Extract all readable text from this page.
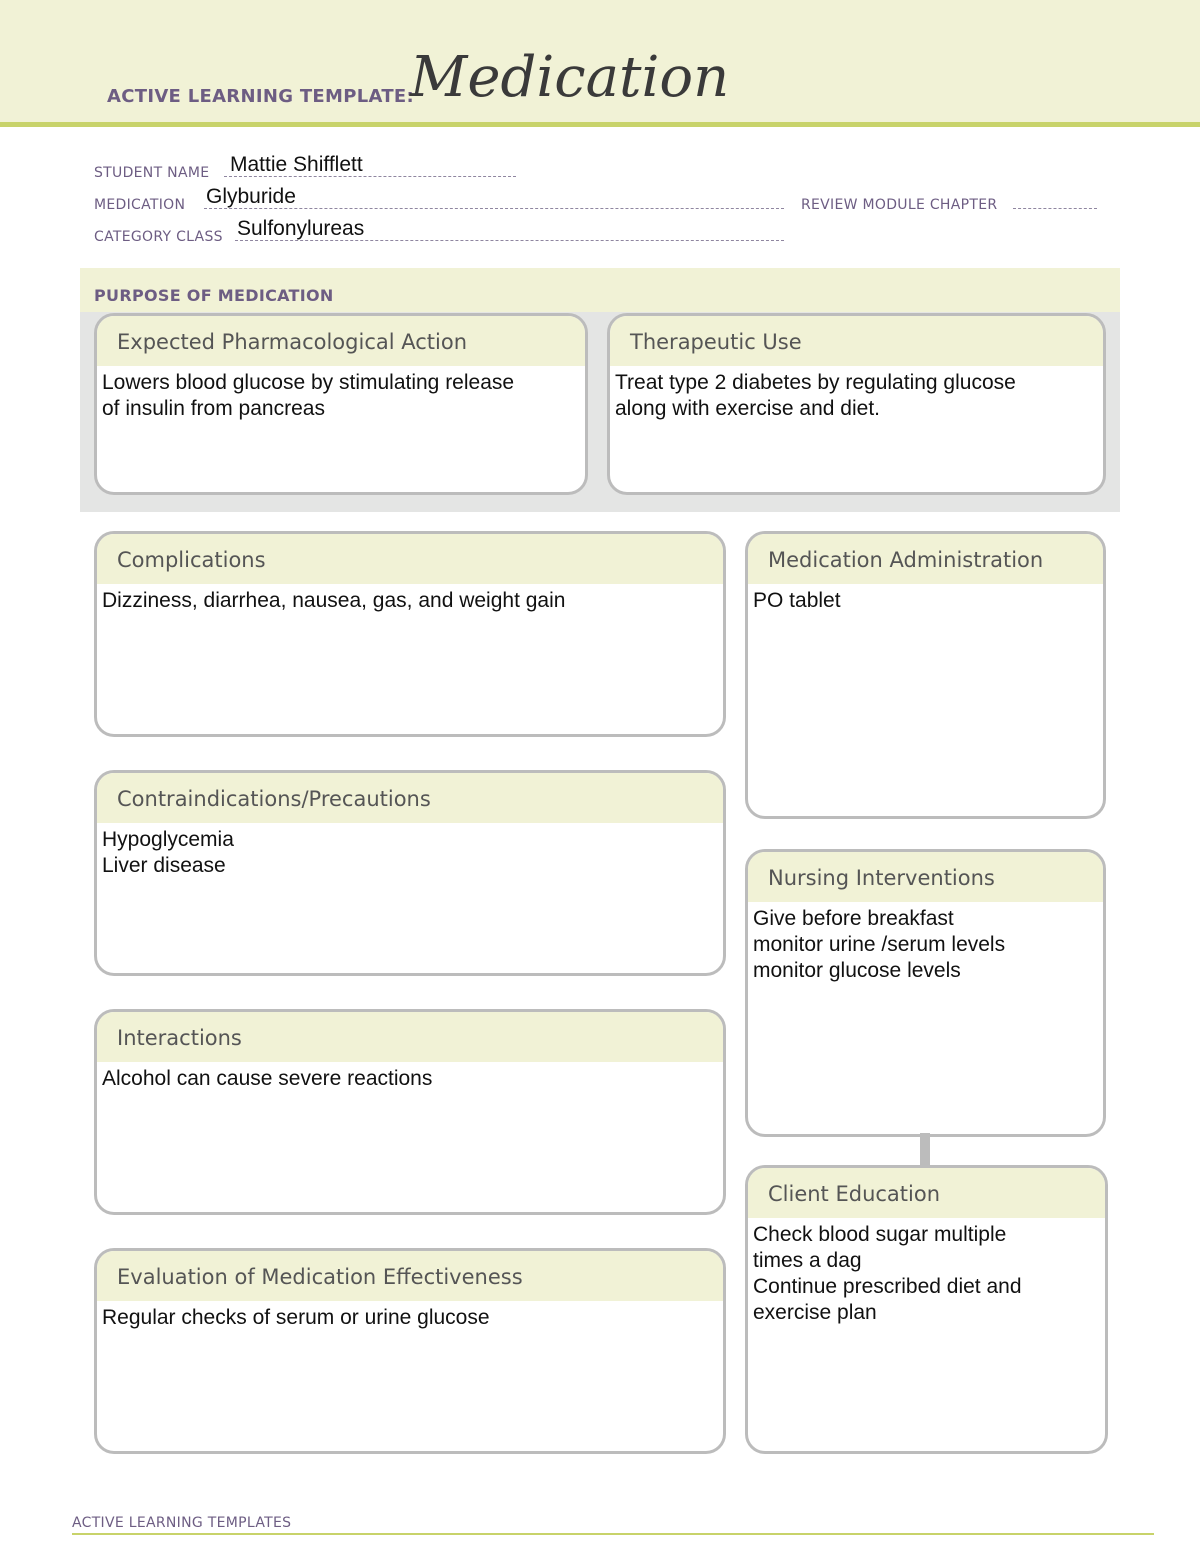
ACTIVE LEARNING TEMPLATE:
Medication
STUDENT NAME Mattie Shifflett
MEDICATION Glyburide	REVIEW MODULE CHAPTER
CATEGORY CLASS Sulfonylureas
PURPOSE OF MEDICATION
Expected Pharmacological Action
Lowers blood glucose by stimulating release
of insulin from pancreas
Therapeutic Use
Treat type 2 diabetes by regulating glucose
along with exercise and diet.
Complications
Dizziness, diarrhea, nausea, gas, and weight gain
Contraindications/Precautions
Hypoglycemia
Liver disease
Interactions
Alcohol can cause severe reactions
Evaluation of Medication Effectiveness
Regular checks of serum or urine glucose
Medication Administration
PO tablet
Nursing Interventions
Give before breakfast
monitor urine /serum levels
monitor glucose levels
Client Education
Check blood sugar multiple
times a dag
Continue prescribed diet and
exercise plan
ACTIVE LEARNING TEMPLATES
